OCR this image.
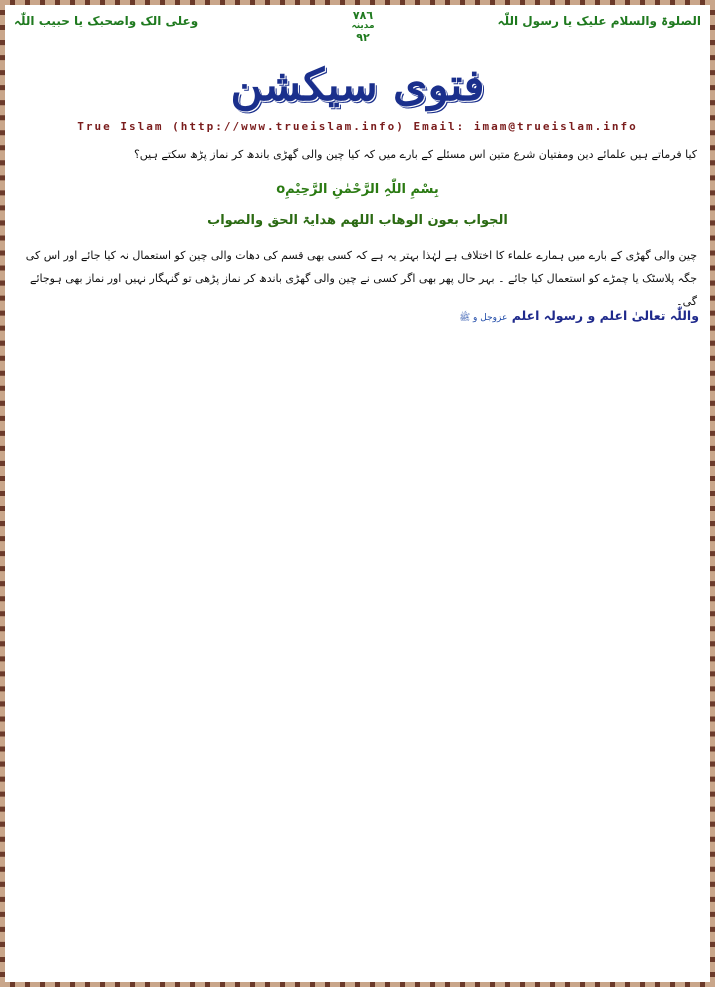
الصلوۃ والسلام علیک یا رسول اللّٰہ
۷۸٦
مدینہ
۹۲
وعلی الک واصحبک یا حبیب اللّٰہ
فتوی سیکشن
True Islam (http://www.trueislam.info) Email: imam@trueislam.info
کیا فرماتے ہیں علمائے دین ومفتیان شرع متین اس مسئلے کے بارے میں کہ کیا چین والی گھڑی باندھ کر نماز پڑھ سکتے ہیں؟
بِسْمِ اللّٰہِ الرَّحْمٰنِ الرَّحِیْمِo
الجواب بعون الوھاب اللھم ھدایۃ الحق والصواب
چین والی گھڑی کے بارے میں ہمارے علماء کا اختلاف ہے لہٰذا بہتر یہ ہے کہ کسی بھی قسم کی دھات والی چین کو استعمال نہ کیا جائے اور اس کی جگہ پلاسٹک یا چمڑے کو استعمال کیا جائے ۔ بہر حال پھر بھی اگر کسی نے چین والی گھڑی باندھ کر نماز پڑھی تو گنہگار نہیں اور نماز بھی ہوجائے گی۔
واللّٰہ تعالیٰ اعلم و رسولہ اعلم عزوجل و ﷺ
